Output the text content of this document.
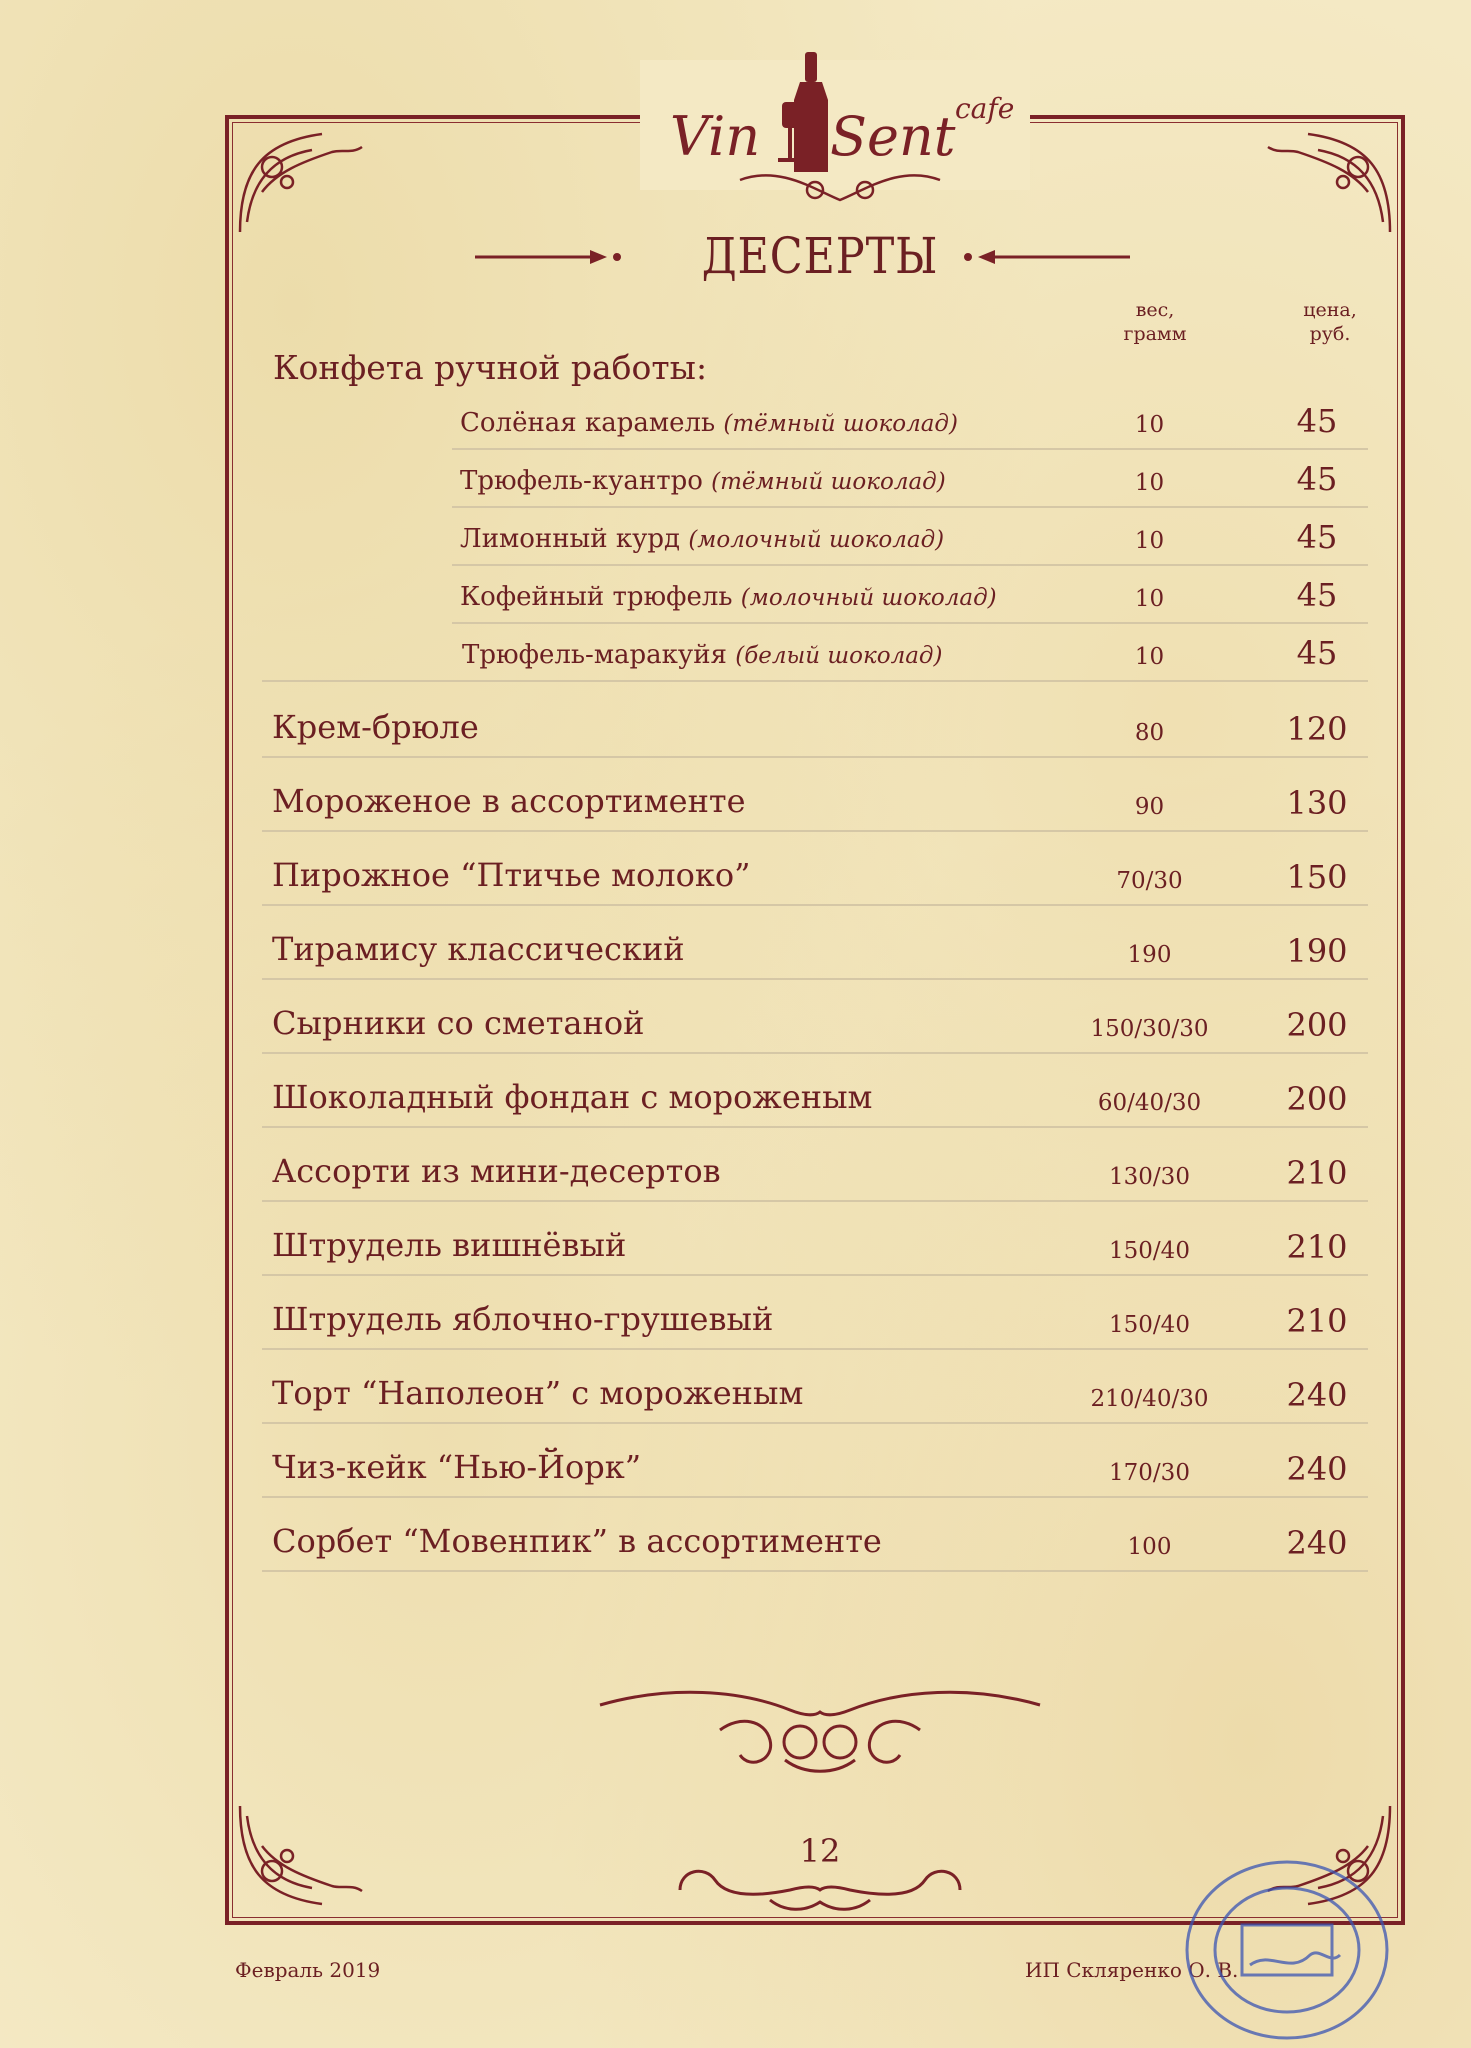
Vin Sent cafe
ДЕСЕРТЫ
вес,
грамм
цена,
руб.
Конфета ручной работы:
Солёная карамель (тёмный шоколад)	10	45
Трюфель-куантро (тёмный шоколад)	10	45
Лимонный курд (молочный шоколад)	10	45
Кофейный трюфель (молочный шоколад)	10	45
Трюфель-маракуйя (белый шоколад)	10	45
Крем-брюле	80	120
Мороженое в ассортименте	90	130
Пирожное “Птичье молоко”	70/30	150
Тирамису классический	190	190
Сырники со сметаной	150/30/30	200
Шоколадный фондан с мороженым	60/40/30	200
Ассорти из мини-десертов	130/30	210
Штрудель вишнёвый	150/40	210
Штрудель яблочно-грушевый	150/40	210
Торт “Наполеон” с мороженым	210/40/30	240
Чиз-кейк “Нью-Йорк”	170/30	240
Сорбет “Мовенпик” в ассортименте	100	240
12
Февраль 2019	ИП Скляренко О. В.
